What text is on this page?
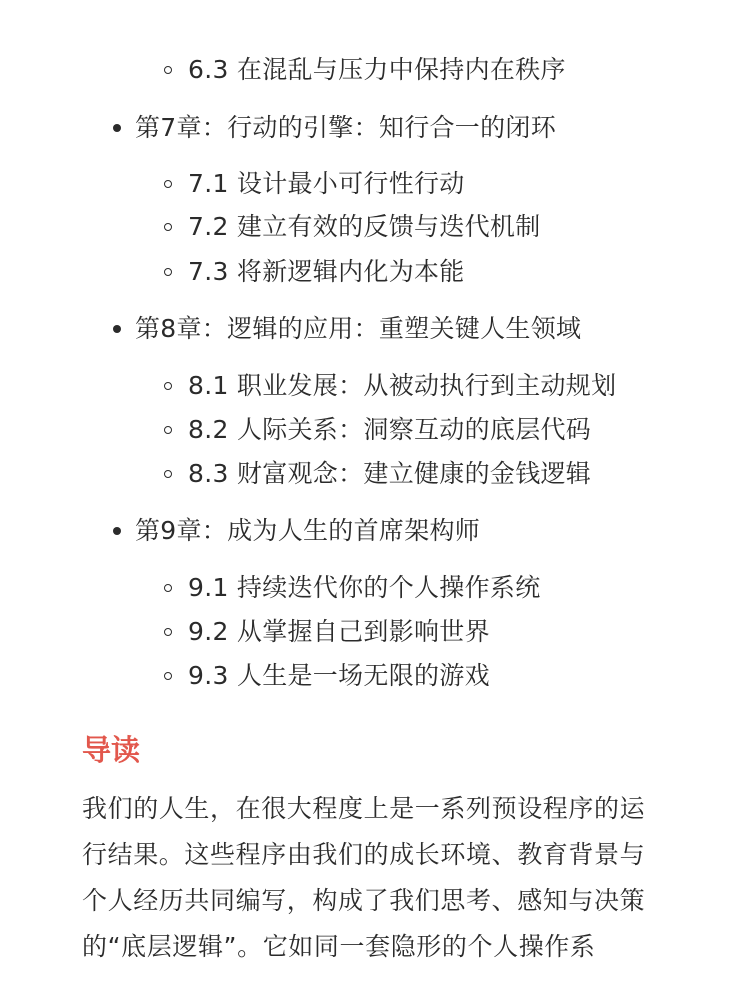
6.3 在混乱与压力中保持内在秩序
第7章：行动的引擎：知行合一的闭环
7.1 设计最小可行性行动
7.2 建立有效的反馈与迭代机制
7.3 将新逻辑内化为本能
第8章：逻辑的应用：重塑关键人生领域
8.1 职业发展：从被动执行到主动规划
8.2 人际关系：洞察互动的底层代码
8.3 财富观念：建立健康的金钱逻辑
第9章：成为人生的首席架构师
9.1 持续迭代你的个人操作系统
9.2 从掌握自己到影响世界
9.3 人生是一场无限的游戏
导读
我们的人生，在很大程度上是一系列预设程序的运
行结果。这些程序由我们的成长环境、教育背景与
个人经历共同编写，构成了我们思考、感知与决策
的“底层逻辑”。它如同一套隐形的个人操作系
